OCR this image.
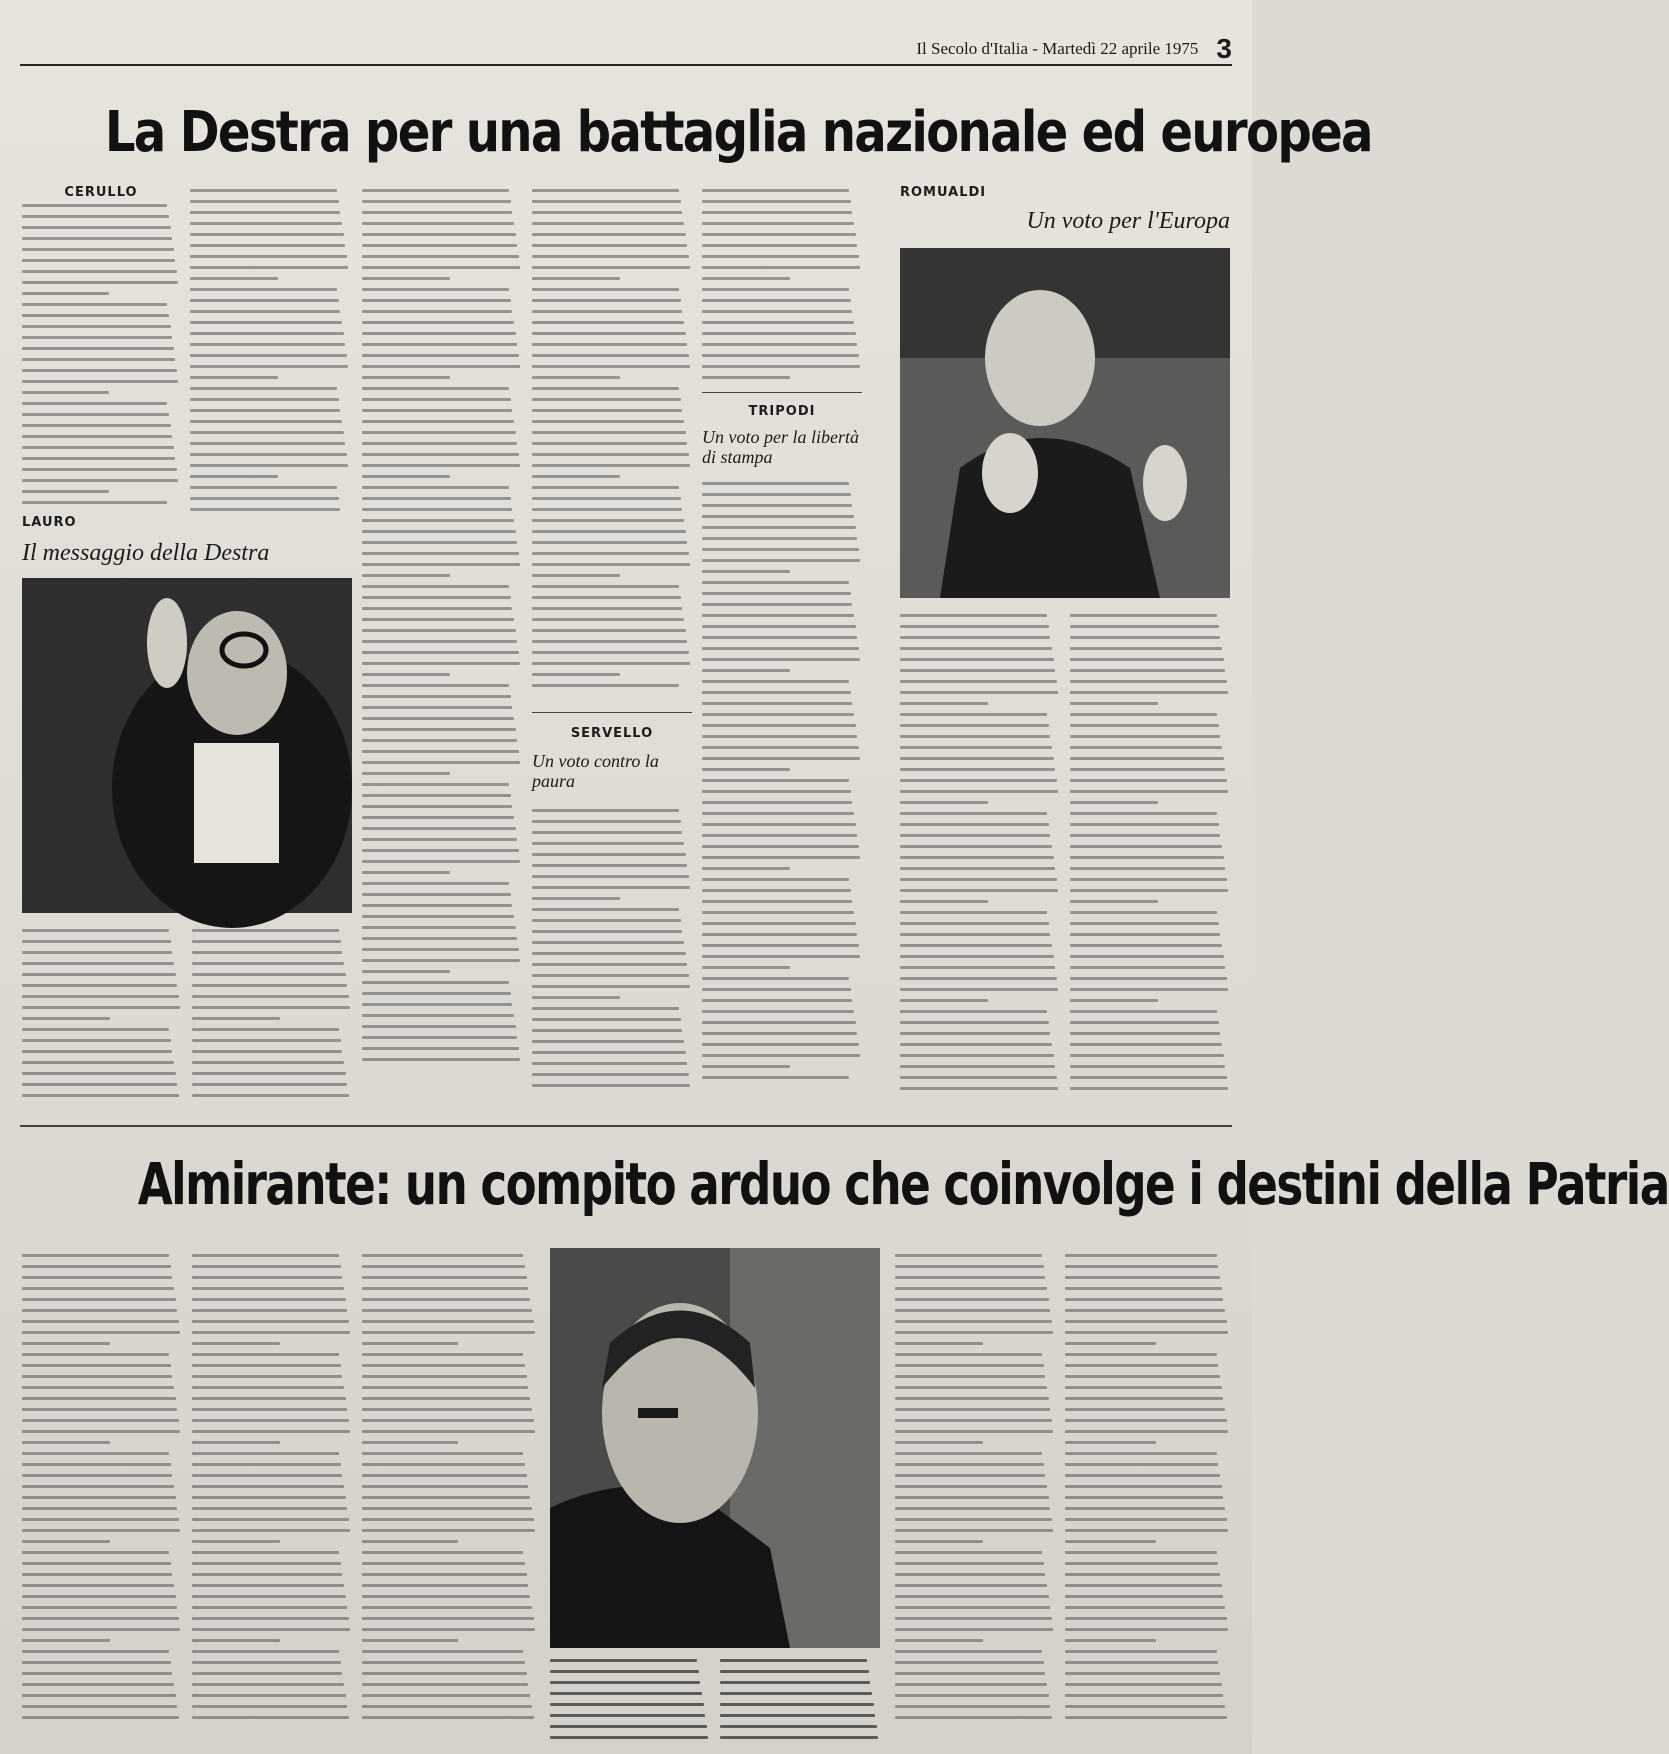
Il Secolo d'Italia - Martedì 22 aprile 1975 3
La Destra per una battaglia nazionale ed europea
CERULLO
LAURO
Il messaggio della Destra
SERVELLO
Un voto contro la paura
TRIPODI
Un voto per la libertà di stampa
ROMUALDI
Un voto per l'Europa
Almirante: un compito arduo che coinvolge i destini della Patria
